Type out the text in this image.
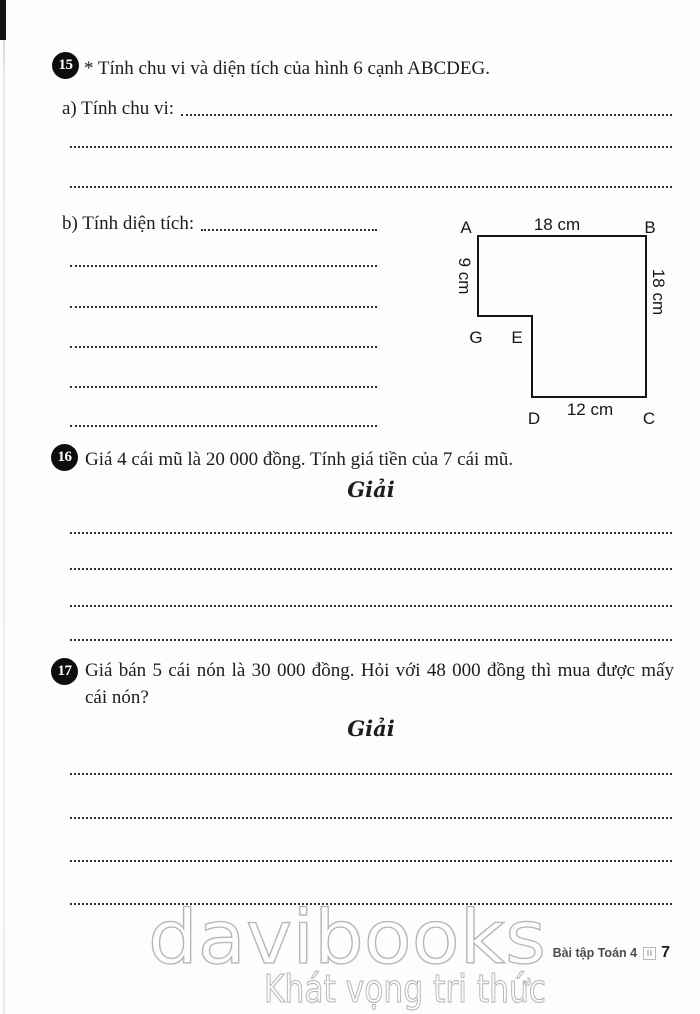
15 * Tính chu vi và diện tích của hình 6 cạnh ABCDEG.
a) Tính chu vi:
b) Tính diện tích:	A	B
C
D
E
G
18 cm
12 cm
9 cm	18 cm
16 Giá 4 cái mũ là 20 000 đồng. Tính giá tiền của 7 cái mũ.
Giải
17 Giá bán 5 cái nón là 30 000 đồng. Hỏi với 48 000 đồng thì mua được mấy cái nón?
Giải
davibooks
Khát vọng tri thức
Bài tập Toán 4 7
